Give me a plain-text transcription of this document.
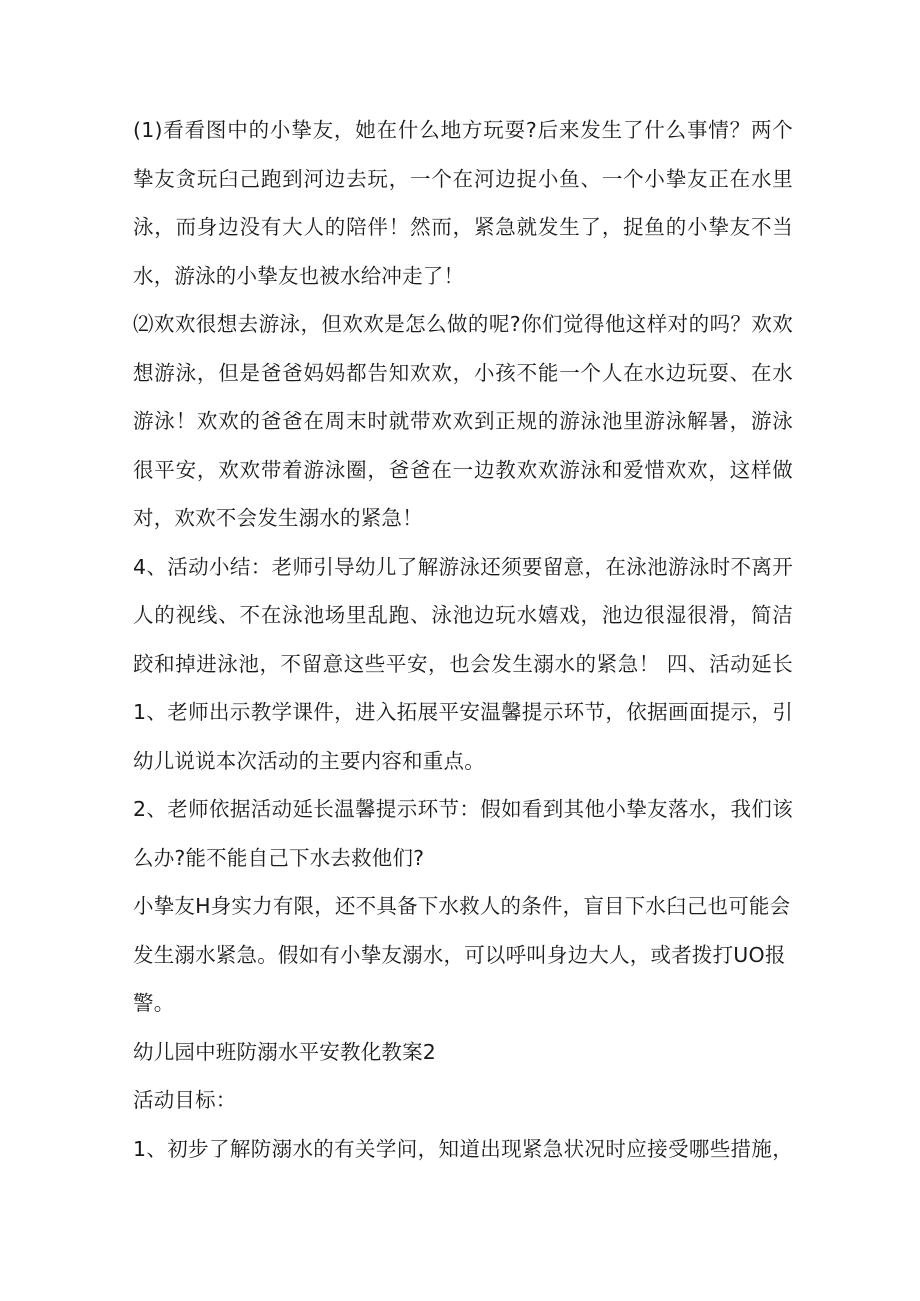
(1)看看图中的小挚友，她在什么地方玩耍?后来发生了什么事情？两个
挚友贪玩臼己跑到河边去玩，一个在河边捉小鱼、一个小挚友正在水里
泳，而身边没有大人的陪伴！然而，紧急就发生了，捉鱼的小挚友不当
水，游泳的小挚友也被水给冲走了！
⑵欢欢很想去游泳，但欢欢是怎么做的呢?你们觉得他这样对的吗？欢欢
想游泳，但是爸爸妈妈都告知欢欢，小孩不能一个人在水边玩耍、在水
游泳！欢欢的爸爸在周末时就带欢欢到正规的游泳池里游泳解暑，游泳
很平安，欢欢带着游泳圈，爸爸在一边教欢欢游泳和爱惜欢欢，这样做
对，欢欢不会发生溺水的紧急！
4、活动小结：老师引导幼儿了解游泳还须要留意，在泳池游泳时不离开
人的视线、不在泳池场里乱跑、泳池边玩水嬉戏，池边很湿很滑，简洁
跤和掉进泳池，不留意这些平安，也会发生溺水的紧急！ 四、活动延长
1、老师出示教学课件，进入拓展平安温馨提示环节，依据画面提示，引
幼儿说说本次活动的主要内容和重点。
2、老师依据活动延长温馨提示环节：假如看到其他小挚友落水，我们该
么办?能不能自己下水去救他们?
小挚友H身实力有限，还不具备下水救人的条件，盲目下水臼己也可能会
发生溺水紧急。假如有小挚友溺水，可以呼叫身边大人，或者拨打UO报
警。
幼儿园中班防溺水平安教化教案2
活动目标：
1、初步了解防溺水的有关学问，知道出现紧急状况时应接受哪些措施，
